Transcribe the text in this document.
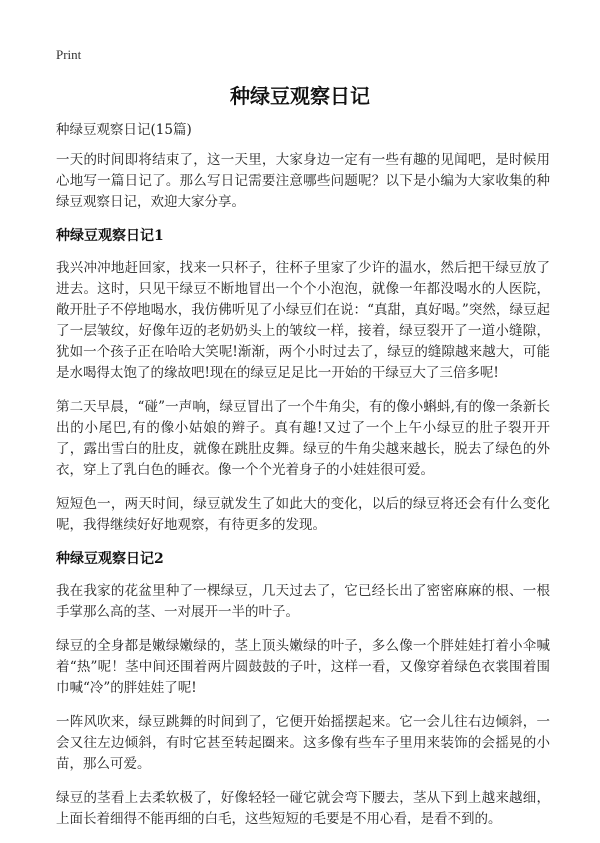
Print
种绿豆观察日记
种绿豆观察日记(15篇)

一天的时间即将结束了，这一天里，大家身边一定有一些有趣的见闻吧，是时候用心地写一篇日记了。那么写日记需要注意哪些问题呢？以下是小编为大家收集的种绿豆观察日记，欢迎大家分享。

种绿豆观察日记1

我兴冲冲地赶回家，找来一只杯子，往杯子里家了少许的温水，然后把干绿豆放了进去。这时，只见干绿豆不断地冒出一个个小泡泡，就像一年都没喝水的人医院，敞开肚子不停地喝水，我仿佛听见了小绿豆们在说：“真甜，真好喝。”突然，绿豆起了一层皱纹，好像年迈的老奶奶头上的皱纹一样，接着，绿豆裂开了一道小缝隙，犹如一个孩子正在哈哈大笑呢!渐渐，两个小时过去了，绿豆的缝隙越来越大，可能是水喝得太饱了的缘故吧!现在的绿豆足足比一开始的干绿豆大了三倍多呢!

第二天早晨，“碰”一声响，绿豆冒出了一个牛角尖，有的像小蝌蚪,有的像一条新长出的小尾巴,有的像小姑娘的辫子。真有趣!又过了一个上午小绿豆的肚子裂开开了，露出雪白的肚皮，就像在跳肚皮舞。绿豆的牛角尖越来越长，脱去了绿色的外衣，穿上了乳白色的睡衣。像一个个光着身子的小娃娃很可爱。

短短色一，两天时间，绿豆就发生了如此大的变化，以后的绿豆将还会有什么变化呢，我得继续好好地观察，有待更多的发现。

种绿豆观察日记2

我在我家的花盆里种了一棵绿豆，几天过去了，它已经长出了密密麻麻的根、一根手掌那么高的茎、一对展开一半的叶子。

绿豆的全身都是嫩绿嫩绿的，茎上顶头嫩绿的叶子，多么像一个胖娃娃打着小伞喊着“热”呢！茎中间还围着两片圆鼓鼓的子叶，这样一看，又像穿着绿色衣裳围着围巾喊“冷”的胖娃娃了呢!

一阵风吹来，绿豆跳舞的时间到了，它便开始摇摆起来。它一会儿往右边倾斜，一会又往左边倾斜，有时它甚至转起圈来。这多像有些车子里用来装饰的会摇晃的小苗，那么可爱。

绿豆的茎看上去柔软极了，好像轻轻一碰它就会弯下腰去，茎从下到上越来越细，上面长着细得不能再细的白毛，这些短短的毛要是不用心看，是看不到的。
